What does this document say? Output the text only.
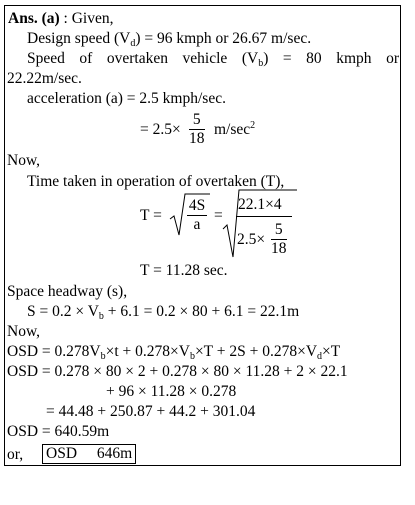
Ans. (a) : Given,
Design speed $(V_d) = 96$ kmph or 26.67 m/sec.
Speed of overtaken vehicle $(V_b) = 80$ kmph or
22.22m/sec.
acceleration (a) = 2.5 kmph/sec.
= $2.5\times \frac{5}{18} m/\sec^2$
Now,
Time taken in operation of overtaken (T),
$T = \frac{4S}{a}$ =
22.1×4
$2.5\times \frac{5}{18}$
T = 11.28 sec.
Space headway (s),
$S = 0.2 \times V_b + 6.1 = 0.2 \times 80 + 6.1 = 22.1m$
Now,
OSD = $0.278V_b\times t + 0.278\times V_b\times T + 2S + 0.278\times V_d\times T$
OSD = 0.278 × 80 × 2 + 0.278 × 80 × 11.28 + 2 × 22.1
+ 96 × 11.28 × 0.278
= 44.48 + 250.87 + 44.2 + 301.04
OSD = 640.59m
or, OSD   646m
